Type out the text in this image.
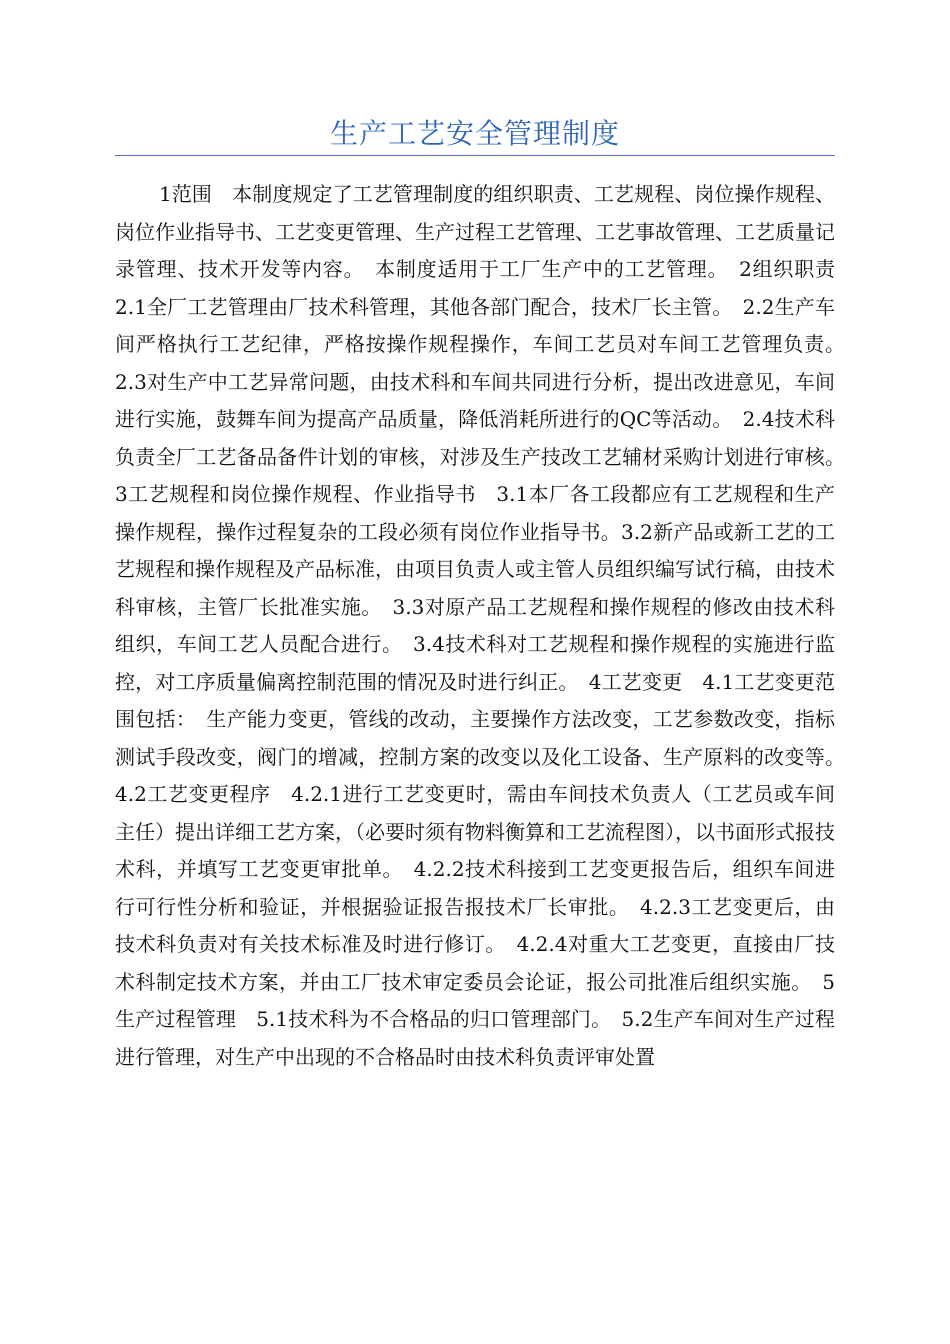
生产工艺安全管理制度

1范围　本制度规定了工艺管理制度的组织职责、工艺规程、岗位操作规程、岗位作业指导书、工艺变更管理、生产过程工艺管理、工艺事故管理、工艺质量记录管理、技术开发等内容。　本制度适用于工厂生产中的工艺管理。　2组织职责　2.1全厂工艺管理由厂技术科管理，其他各部门配合，技术厂长主管。　2.2生产车间严格执行工艺纪律，严格按操作规程操作，车间工艺员对车间工艺管理负责。　2.3对生产中工艺异常问题，由技术科和车间共同进行分析，提出改进意见，车间进行实施，鼓舞车间为提高产品质量，降低消耗所进行的QC等活动。　2.4技术科负责全厂工艺备品备件计划的审核，对涉及生产技改工艺辅材采购计划进行审核。　3工艺规程和岗位操作规程、作业指导书　3.1本厂各工段都应有工艺规程和生产操作规程，操作过程复杂的工段必须有岗位作业指导书。3.2新产品或新工艺的工艺规程和操作规程及产品标准，由项目负责人或主管人员组织编写试行稿，由技术科审核，主管厂长批准实施。　3.3对原产品工艺规程和操作规程的修改由技术科组织，车间工艺人员配合进行。　3.4技术科对工艺规程和操作规程的实施进行监控，对工序质量偏离控制范围的情况及时进行纠正。　4工艺变更　4.1工艺变更范围包括：　生产能力变更，管线的改动，主要操作方法改变，工艺参数改变，指标测试手段改变，阀门的增减，控制方案的改变以及化工设备、生产原料的改变等。　4.2工艺变更程序　4.2.1进行工艺变更时，需由车间技术负责人（工艺员或车间主任）提出详细工艺方案，（必要时须有物料衡算和工艺流程图），以书面形式报技术科，并填写工艺变更审批单。　4.2.2技术科接到工艺变更报告后，组织车间进行可行性分析和验证，并根据验证报告报技术厂长审批。　4.2.3工艺变更后，由技术科负责对有关技术标准及时进行修订。　4.2.4对重大工艺变更，直接由厂技术科制定技术方案，并由工厂技术审定委员会论证，报公司批准后组织实施。　5生产过程管理　5.1技术科为不合格品的归口管理部门。　5.2生产车间对生产过程进行管理，对生产中出现的不合格品时由技术科负责评审处置
